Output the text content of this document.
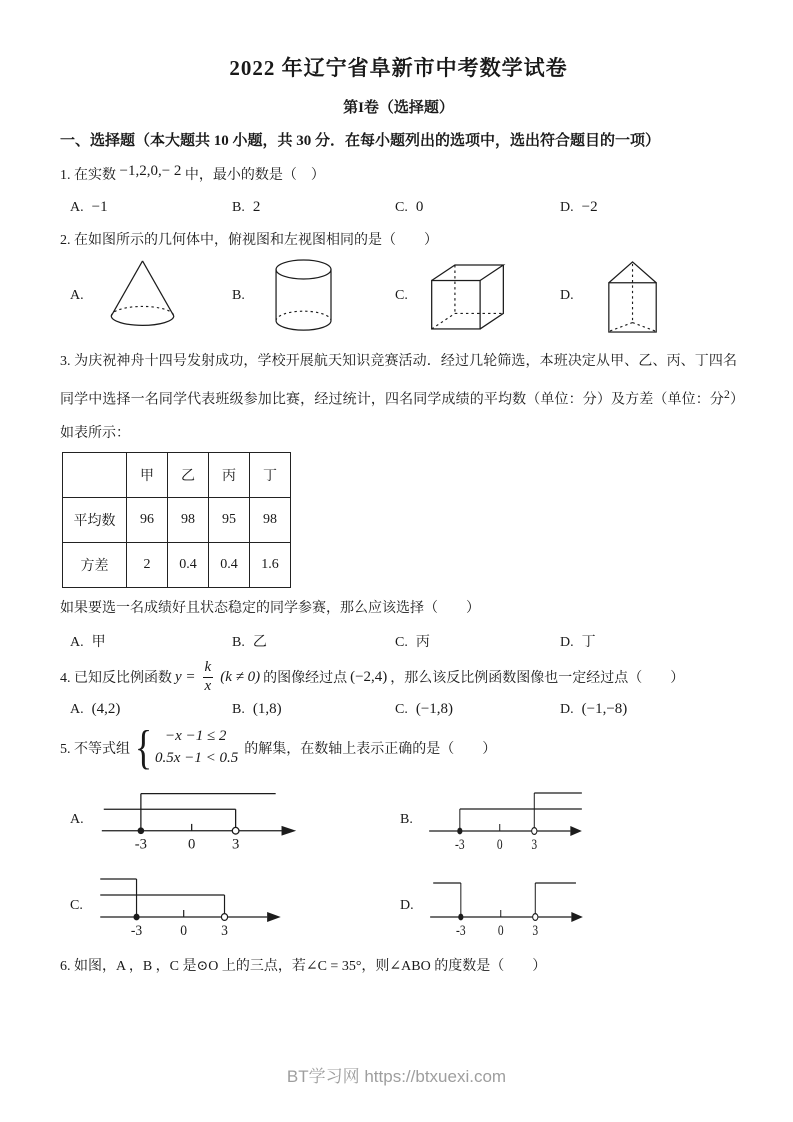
2022 年辽宁省阜新市中考数学试卷
第I卷（选择题）
一、选择题（本大题共 10 小题，共 30 分．在每小题列出的选项中，选出符合题目的一项）
1. 在实数 −1,2,0,− 2 中，最小的数是（　）
A. −1	B. 2	C. 0	D. −2
2. 在如图所示的几何体中，俯视图和左视图相同的是（　　）
A.	B.	C.	D.
3. 为庆祝神舟十四号发射成功，学校开展航天知识竞赛活动．经过几轮筛选，本班决定从甲、乙、丙、丁四名同学中选择一名同学代表班级参加比赛，经过统计，四名同学成绩的平均数（单位：分）及方差（单位：分$^2$）如表所示：
	甲	乙	丙	丁
平均数	96	98	95	98
方差	2	0.4	0.4	1.6
如果要选一名成绩好且状态稳定的同学参赛，那么应该选择（　　）
A. 甲	B. 乙	C. 丙	D. 丁
4. 已知反比例函数 $y = \frac{k}{x} (k \ne 0)$ 的图像经过点 (−2,4) ，那么该反比例函数图像也一定经过点（　　）
A. (4,2)	B. (1,8)	C. (−1,8)	D. (−1,−8)
5. 不等式组 { −x −1 ≤ 2
0.5x −1 < 0.5
的解集，在数轴上表示正确的是（　　）
A.
-3	0 3
B.
-3 0 3
C.
-3	0 3
D.
-3 0 3
6. 如图，A ，B ，C 是⊙O 上的三点，若∠C = 35°，则∠ABO 的度数是（　　）
BT学习网 https://btxuexi.com
